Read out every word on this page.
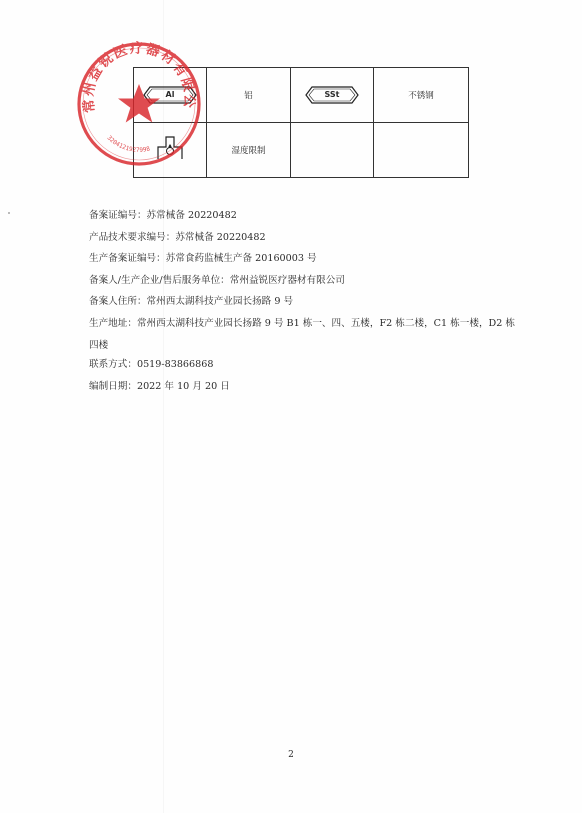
Al	铝	SSt	不锈钢
	湿度限制		
常州益锐医疗器材有限公
3204121927998
备案证编号：苏常械备 20220482
产品技术要求编号：苏常械备 20220482
生产备案证编号：苏常食药监械生产备 20160003 号
备案人/生产企业/售后服务单位：常州益锐医疗器材有限公司
备案人住所：常州西太湖科技产业园长扬路 9 号
生产地址：常州西太湖科技产业园长扬路 9 号 B1 栋一、四、五楼，F2 栋二楼，C1 栋一楼，D2 栋
四楼
联系方式：0519-83866868
编制日期：2022 年 10 月 20 日
2
